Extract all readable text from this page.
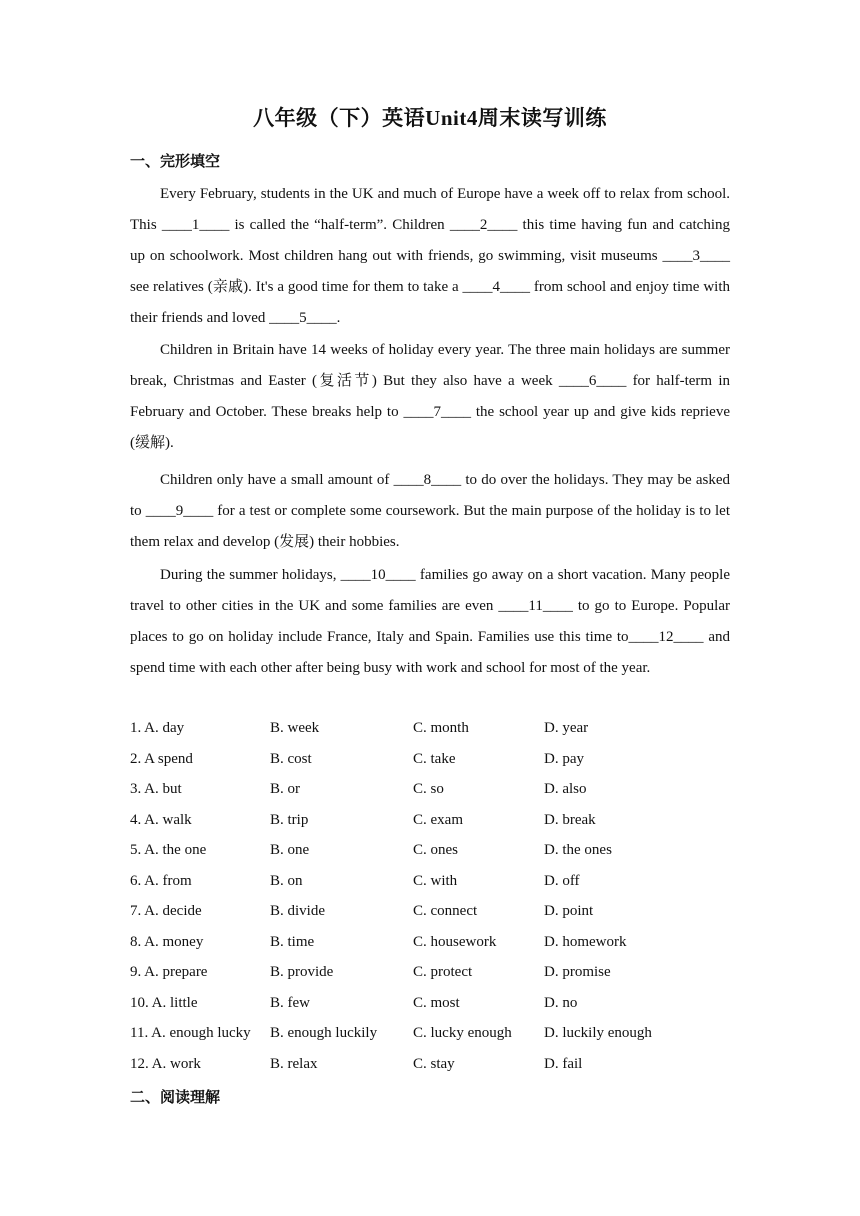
八年级（下）英语Unit4周末读写训练
一、完形填空

Every February, students in the UK and much of Europe have a week off to relax from school. This ____1____ is called the “half-term”. Children ____2____ this time having fun and catching up on schoolwork. Most children hang out with friends, go swimming, visit museums ____3____ see relatives (亲戚). It's a good time for them to take a ____4____ from school and enjoy time with their friends and loved ____5____.

Children in Britain have 14 weeks of holiday every year. The three main holidays are summer break, Christmas and Easter (复活节) But they also have a week ____6____ for half-term in February and October. These breaks help to ____7____ the school year up and give kids reprieve (缓解).

Children only have a small amount of ____8____ to do over the holidays. They may be asked to ____9____ for a test or complete some coursework. But the main purpose of the holiday is to let them relax and develop (发展) their hobbies.

During the summer holidays, ____10____ families go away on a short vacation. Many people travel to other cities in the UK and some families are even ____11____ to go to Europe. Popular places to go on holiday include France, Italy and Spain. Families use this time to____12____ and spend time with each other after being busy with work and school for most of the year.

1. A. day	B. week	C. month	D. year
2. A spend	B. cost	C. take	D. pay
3. A. but	B. or	C. so	D. also
4. A. walk	B. trip	C. exam	D. break
5. A. the one	B. one	C. ones	D. the ones
6. A. from	B. on	C. with	D. off
7. A. decide	B. divide	C. connect	D. point
8. A. money	B. time	C. housework	D. homework
9. A. prepare	B. provide	C. protect	D. promise
10. A. little	B. few	C. most	D. no
11. A. enough lucky B. enough luckily C. lucky enough D. luckily enough
12. A. work	B. relax	C. stay	D. fail
二、阅读理解
